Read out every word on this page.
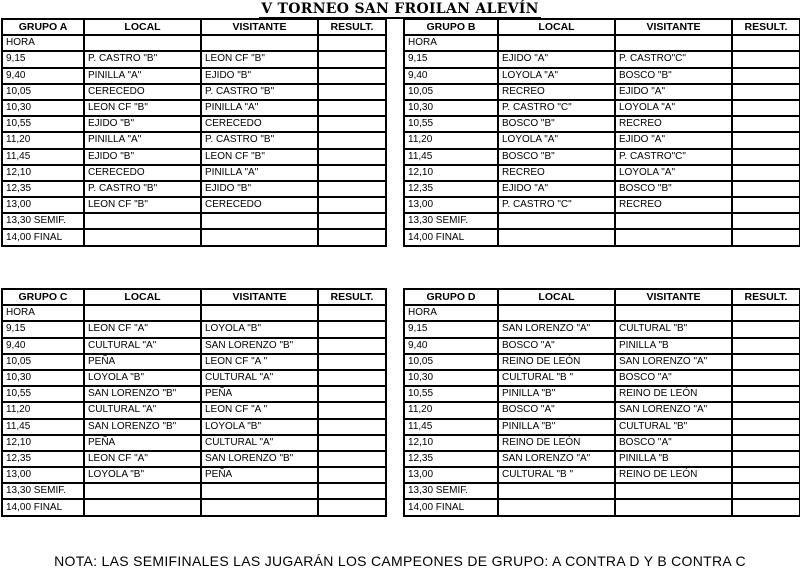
V TORNEO SAN FROILAN ALEVÍN
GRUPO A	LOCAL	VISITANTE	RESULT.
HORA			
9,15	P. CASTRO "B"	LEON CF "B"	
9,40	PINILLA "A"	EJIDO "B"	
10,05	CERECEDO	P. CASTRO "B"	
10,30	LEON CF "B"	PINILLA "A"	
10,55	EJIDO "B"	CERECEDO	
11,20	PINILLA "A"	P. CASTRO "B"	
11,45	EJIDO "B"	LEON CF "B"	
12,10	CERECEDO	PINILLA "A"	
12,35	P. CASTRO "B"	EJIDO "B"	
13,00	LEON CF "B"	CERECEDO	
13,30 SEMIF.			
14,00 FINAL			
GRUPO B	LOCAL	VISITANTE	RESULT.
HORA			
9,15	EJIDO "A"	P. CASTRO"C"	
9,40	LOYOLA "A"	BOSCO "B"	
10,05	RECREO	EJIDO "A"	
10,30	P. CASTRO "C"	LOYOLA "A"	
10,55	BOSCO "B"	RECREO	
11,20	LOYOLA "A"	EJIDO "A"	
11,45	BOSCO "B"	P. CASTRO"C"	
12,10	RECREO	LOYOLA "A"	
12,35	EJIDO "A"	BOSCO "B"	
13,00	P. CASTRO "C"	RECREO	
13,30 SEMIF.			
14,00 FINAL			
GRUPO C	LOCAL	VISITANTE	RESULT.
HORA			
9,15	LEON CF "A"	LOYOLA "B"	
9,40	CULTURAL "A"	SAN LORENZO "B"	
10,05	PEÑA	LEON CF "A "	
10,30	LOYOLA "B"	CULTURAL "A"	
10,55	SAN LORENZO "B"	PEÑA	
11,20	CULTURAL "A"	LEON CF "A "	
11,45	SAN LORENZO "B"	LOYOLA "B"	
12,10	PEÑA	CULTURAL "A"	
12,35	LEON CF "A"	SAN LORENZO "B"	
13,00	LOYOLA "B"	PEÑA	
13,30 SEMIF.			
14,00 FINAL			
GRUPO D	LOCAL	VISITANTE	RESULT.
HORA			
9,15	SAN LORENZO "A"	CULTURAL "B"	
9,40	BOSCO "A"	PINILLA "B	
10,05	REINO DE LEÓN	SAN LORENZO "A"	
10,30	CULTURAL "B "	BOSCO "A"	
10,55	PINILLA "B"	REINO DE LEÓN	
11,20	BOSCO "A"	SAN LORENZO "A"	
11,45	PINILLA "B"	CULTURAL "B"	
12,10	REINO DE LEÓN	BOSCO "A"	
12,35	SAN LORENZO "A"	PINILLA "B	
13,00	CULTURAL "B "	REINO DE LEÓN	
13,30 SEMIF.			
14,00 FINAL			
NOTA: LAS SEMIFINALES LAS JUGARÁN LOS CAMPEONES DE GRUPO: A CONTRA D Y B CONTRA C
